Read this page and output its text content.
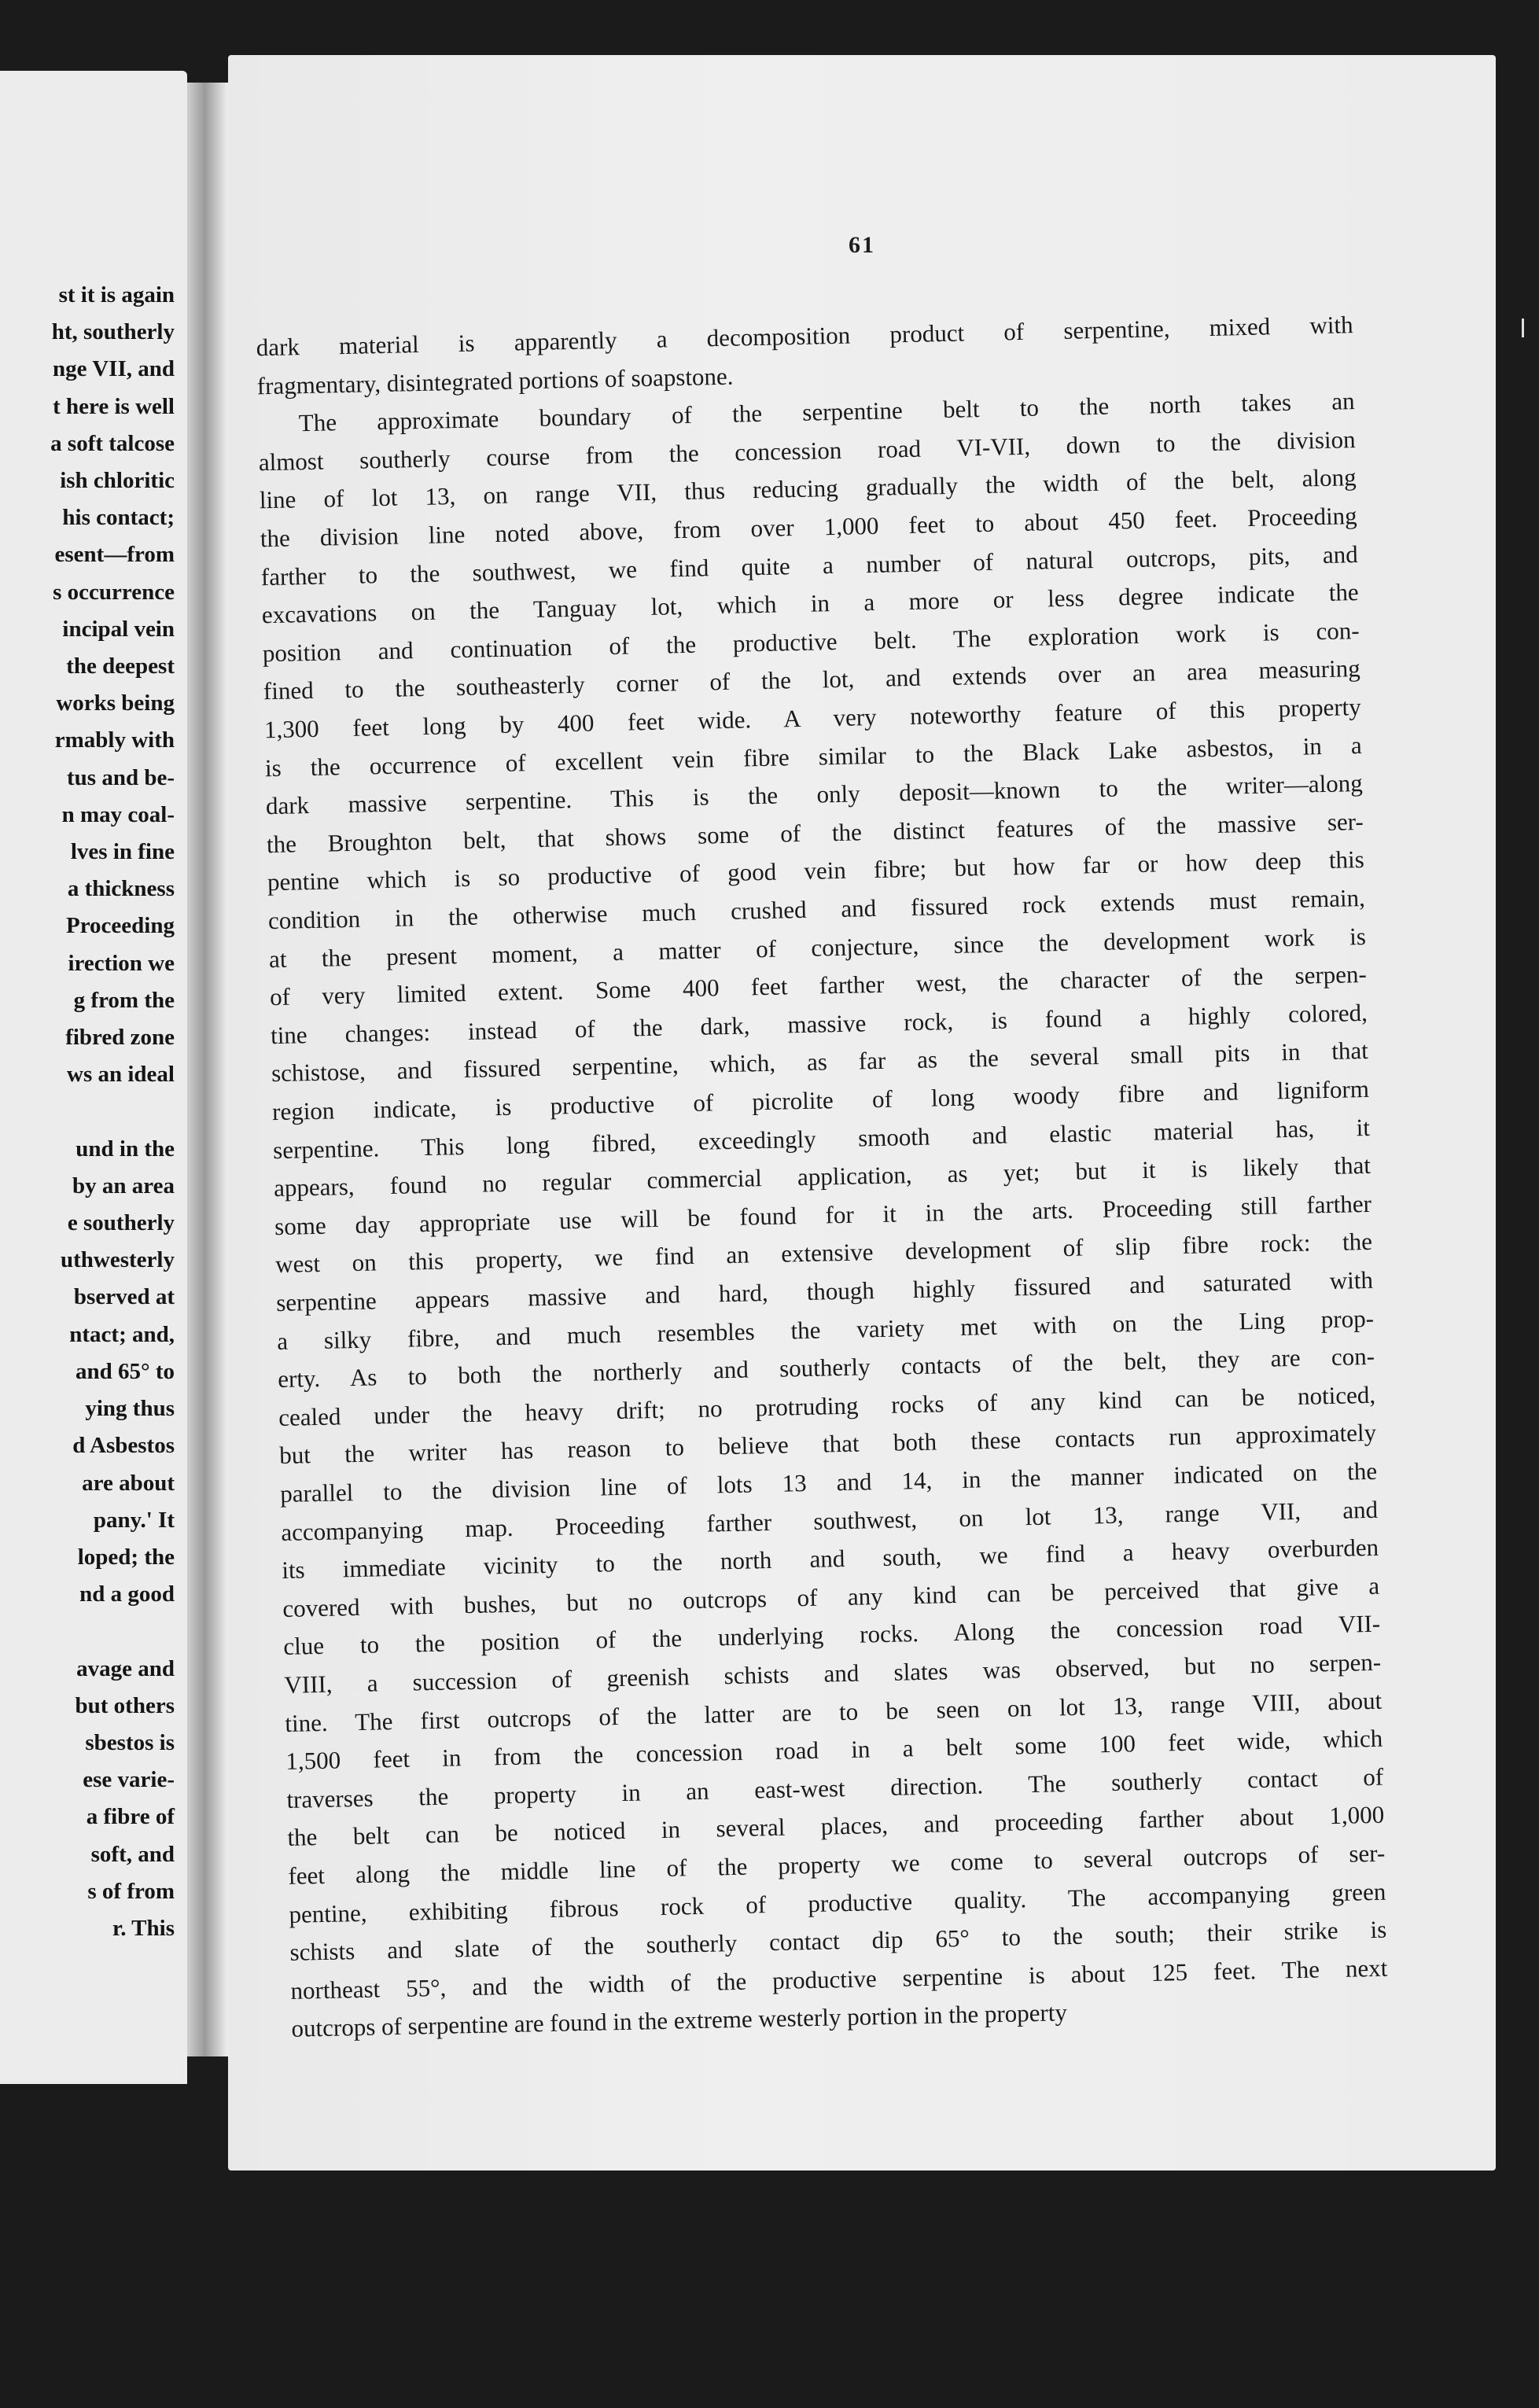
st it is again
ht, southerly
nge VII, and
t here is well
a soft talcose
ish chloritic
his contact;
esent—from
s occurrence
incipal vein
the deepest
works being
rmably with
tus and be-
n may coal-
lves in fine
a thickness
Proceeding
irection we
g from the
fibred zone
ws an ideal

und in the
by an area
e southerly
uthwesterly
bserved at
ntact; and,
and 65° to
ying thus
d Asbestos
are about
pany.' It
loped; the
nd a good

avage and
but others
sbestos is
ese varie-
a fibre of
soft, and
s of from
r. This
61
dark material is apparently a decomposition product of serpentine, mixed with
fragmentary, disintegrated portions of soapstone.
The approximate boundary of the serpentine belt to the north takes an
almost southerly course from the concession road VI-VII, down to the division
line of lot 13, on range VII, thus reducing gradually the width of the belt, along
the division line noted above, from over 1,000 feet to about 450 feet. Proceeding
farther to the southwest, we find quite a number of natural outcrops, pits, and
excavations on the Tanguay lot, which in a more or less degree indicate the
position and continuation of the productive belt. The exploration work is con-
fined to the southeasterly corner of the lot, and extends over an area measuring
1,300 feet long by 400 feet wide. A very noteworthy feature of this property
is the occurrence of excellent vein fibre similar to the Black Lake asbestos, in a
dark massive serpentine. This is the only deposit—known to the writer—along
the Broughton belt, that shows some of the distinct features of the massive ser-
pentine which is so productive of good vein fibre; but how far or how deep this
condition in the otherwise much crushed and fissured rock extends must remain,
at the present moment, a matter of conjecture, since the development work is
of very limited extent. Some 400 feet farther west, the character of the serpen-
tine changes: instead of the dark, massive rock, is found a highly colored,
schistose, and fissured serpentine, which, as far as the several small pits in that
region indicate, is productive of picrolite of long woody fibre and ligniform
serpentine. This long fibred, exceedingly smooth and elastic material has, it
appears, found no regular commercial application, as yet; but it is likely that
some day appropriate use will be found for it in the arts. Proceeding still farther
west on this property, we find an extensive development of slip fibre rock: the
serpentine appears massive and hard, though highly fissured and saturated with
a silky fibre, and much resembles the variety met with on the Ling prop-
erty. As to both the northerly and southerly contacts of the belt, they are con-
cealed under the heavy drift; no protruding rocks of any kind can be noticed,
but the writer has reason to believe that both these contacts run approximately
parallel to the division line of lots 13 and 14, in the manner indicated on the
accompanying map. Proceeding farther southwest, on lot 13, range VII, and
its immediate vicinity to the north and south, we find a heavy overburden
covered with bushes, but no outcrops of any kind can be perceived that give a
clue to the position of the underlying rocks. Along the concession road VII-
VIII, a succession of greenish schists and slates was observed, but no serpen-
tine. The first outcrops of the latter are to be seen on lot 13, range VIII, about
1,500 feet in from the concession road in a belt some 100 feet wide, which
traverses the property in an east-west direction. The southerly contact of
the belt can be noticed in several places, and proceeding farther about 1,000
feet along the middle line of the property we come to several outcrops of ser-
pentine, exhibiting fibrous rock of productive quality. The accompanying green
schists and slate of the southerly contact dip 65° to the south; their strike is
northeast 55°, and the width of the productive serpentine is about 125 feet. The next
outcrops of serpentine are found in the extreme westerly portion in the property
